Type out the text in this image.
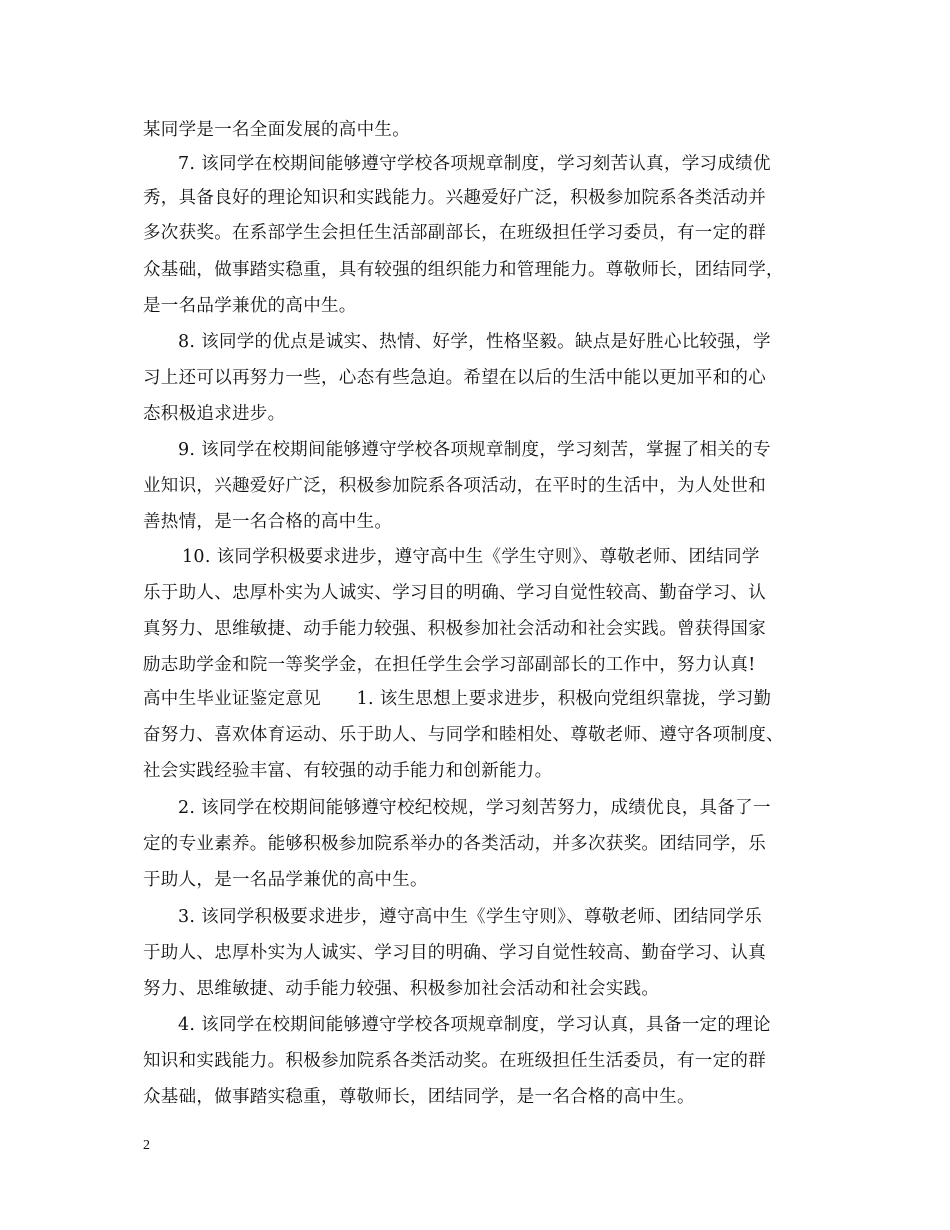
某同学是一名全面发展的高中生。
7. 该同学在校期间能够遵守学校各项规章制度，学习刻苦认真，学习成绩优
秀，具备良好的理论知识和实践能力。兴趣爱好广泛，积极参加院系各类活动并
多次获奖。在系部学生会担任生活部副部长，在班级担任学习委员，有一定的群
众基础，做事踏实稳重，具有较强的组织能力和管理能力。尊敬师长，团结同学，
是一名品学兼优的高中生。
8. 该同学的优点是诚实、热情、好学，性格坚毅。缺点是好胜心比较强，学
习上还可以再努力一些，心态有些急迫。希望在以后的生活中能以更加平和的心
态积极追求进步。
9. 该同学在校期间能够遵守学校各项规章制度，学习刻苦，掌握了相关的专
业知识，兴趣爱好广泛，积极参加院系各项活动，在平时的生活中，为人处世和
善热情，是一名合格的高中生。
10. 该同学积极要求进步，遵守高中生《学生守则》、尊敬老师、团结同学
乐于助人、忠厚朴实为人诚实、学习目的明确、学习自觉性较高、勤奋学习、认
真努力、思维敏捷、动手能力较强、积极参加社会活动和社会实践。曾获得国家
励志助学金和院一等奖学金，在担任学生会学习部副部长的工作中，努力认真!
高中生毕业证鉴定意见　　1. 该生思想上要求进步，积极向党组织靠拢，学习勤
奋努力、喜欢体育运动、乐于助人、与同学和睦相处、尊敬老师、遵守各项制度、
社会实践经验丰富、有较强的动手能力和创新能力。
2. 该同学在校期间能够遵守校纪校规，学习刻苦努力，成绩优良，具备了一
定的专业素养。能够积极参加院系举办的各类活动，并多次获奖。团结同学，乐
于助人，是一名品学兼优的高中生。
3. 该同学积极要求进步，遵守高中生《学生守则》、尊敬老师、团结同学乐
于助人、忠厚朴实为人诚实、学习目的明确、学习自觉性较高、勤奋学习、认真
努力、思维敏捷、动手能力较强、积极参加社会活动和社会实践。
4. 该同学在校期间能够遵守学校各项规章制度，学习认真，具备一定的理论
知识和实践能力。积极参加院系各类活动奖。在班级担任生活委员，有一定的群
众基础，做事踏实稳重，尊敬师长，团结同学，是一名合格的高中生。
2
